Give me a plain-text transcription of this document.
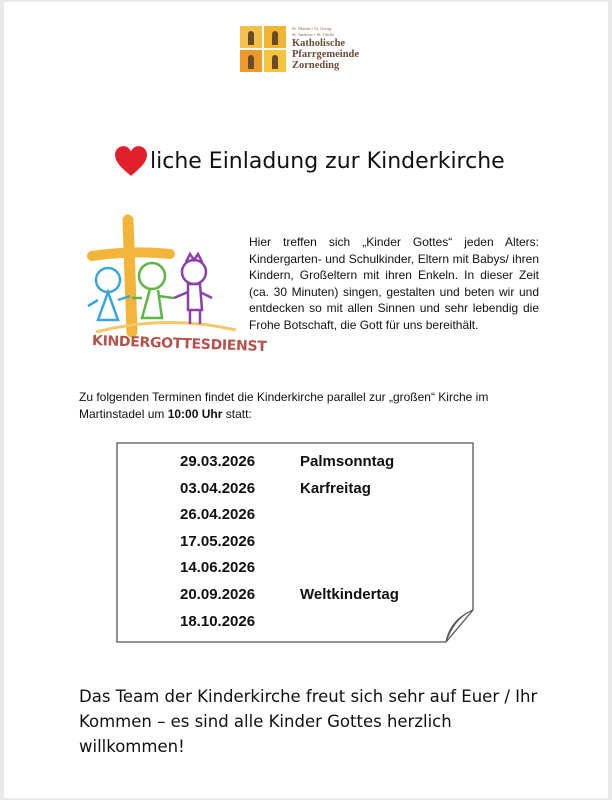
St. Martin • St. Georg
St. Andreas • St. Ottilie
Katholische
Pfarrgemeinde
Zorneding
liche Einladung zur Kinderkirche
KINDERGOTTESDIENST
Hier treffen sich „Kinder Gottes“ jeden Alters: Kindergarten- und Schulkinder, Eltern mit Babys/ ihren Kindern, Großeltern mit ihren Enkeln. In dieser Zeit (ca. 30 Minuten) singen, gestalten und beten wir und entdecken so mit allen Sinnen und sehr lebendig die Frohe Botschaft, die Gott für uns bereithält.
Zu folgenden Terminen findet die Kinderkirche parallel zur „großen“ Kirche im Martinstadel um 10:00 Uhr statt:
29.03.2026	Palmsonntag
03.04.2026	Karfreitag
26.04.2026
17.05.2026
14.06.2026
20.09.2026	Weltkindertag
18.10.2026
Das Team der Kinderkirche freut sich sehr auf Euer / Ihr
Kommen – es sind alle Kinder Gottes herzlich willkommen!
